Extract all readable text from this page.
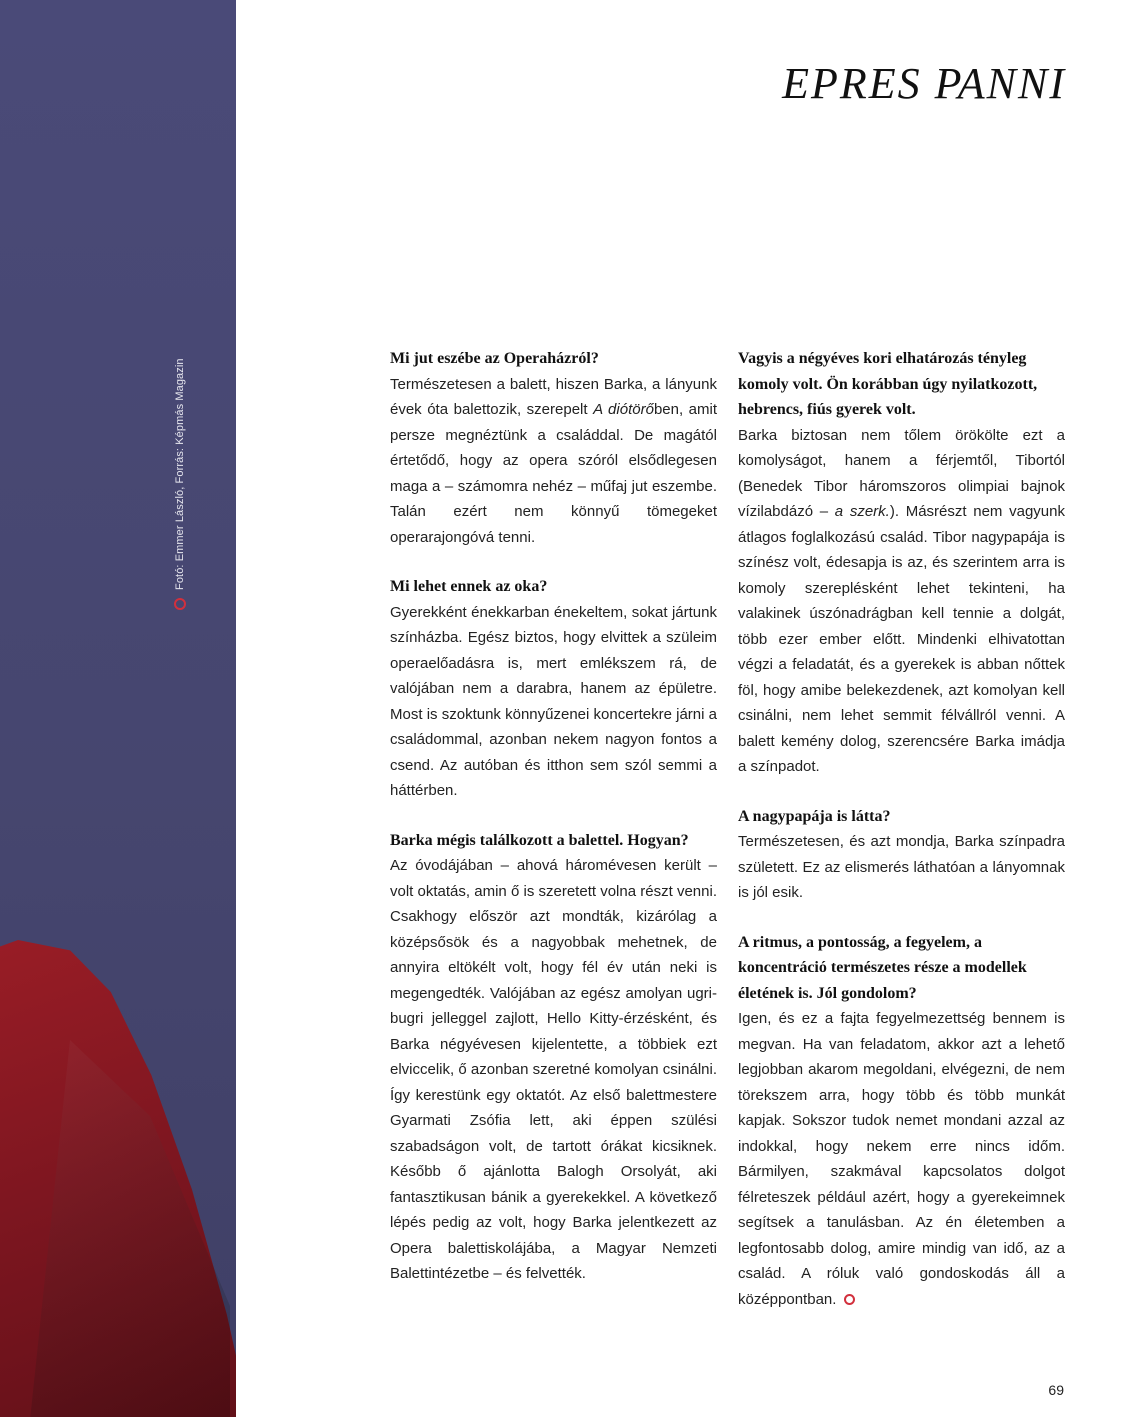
Fotó: Emmer László, Forrás: Képmás Magazin
EPRES PANNI

Mi jut eszébe az Operaházról?

Természetesen a balett, hiszen Barka, a lányunk évek óta balettozik, szerepelt A diótörőben, amit persze megnéztünk a családdal. De magától értetődő, hogy az opera szóról elsődlegesen maga a – számomra nehéz – műfaj jut eszembe. Talán ezért nem könnyű tömegeket operarajongóvá tenni.

Mi lehet ennek az oka?

Gyerekként énekkarban énekeltem, sokat jártunk színházba. Egész biztos, hogy elvittek a szüleim operaelőadásra is, mert emlékszem rá, de valójában nem a darabra, hanem az épületre. Most is szoktunk könnyűzenei koncertekre járni a családommal, azonban nekem nagyon fontos a csend. Az autóban és itthon sem szól semmi a háttérben.

Barka mégis találkozott a balettel. Hogyan?

Az óvodájában – ahová háromévesen került – volt oktatás, amin ő is szeretett volna részt venni. Csakhogy először azt mondták, kizárólag a középsősök és a nagyobbak mehetnek, de annyira eltökélt volt, hogy fél év után neki is megengedték. Valójában az egész amolyan ugri-bugri jelleggel zajlott, Hello Kitty-érzésként, és Barka négyévesen kijelentette, a többiek ezt elviccelik, ő azonban szeretné komolyan csinálni. Így kerestünk egy oktatót. Az első balettmestere Gyarmati Zsófia lett, aki éppen szülési szabadságon volt, de tartott órákat kicsiknek. Később ő ajánlotta Balogh Orsolyát, aki fantasztikusan bánik a gyerekekkel. A következő lépés pedig az volt, hogy Barka jelentkezett az Opera balettiskolájába, a Magyar Nemzeti Balettintézetbe – és felvették.

Vagyis a négyéves kori elhatározás tényleg komoly volt. Ön korábban úgy nyilatkozott, hebrencs, fiús gyerek volt.

Barka biztosan nem tőlem örökölte ezt a komolyságot, hanem a férjemtől, Tibortól (Benedek Tibor háromszoros olimpiai bajnok vízilabdázó – a szerk.). Másrészt nem vagyunk átlagos foglalkozású család. Tibor nagypapája is színész volt, édesapja is az, és szerintem arra is komoly szereplésként lehet tekinteni, ha valakinek úszónadrágban kell tennie a dolgát, több ezer ember előtt. Mindenki elhivatottan végzi a feladatát, és a gyerekek is abban nőttek föl, hogy amibe belekezdenek, azt komolyan kell csinálni, nem lehet semmit félvállról venni. A balett kemény dolog, szerencsére Barka imádja a színpadot.

A nagypapája is látta?

Természetesen, és azt mondja, Barka színpadra született. Ez az elismerés láthatóan a lányomnak is jól esik.

A ritmus, a pontosság, a fegyelem, a koncentráció természetes része a modellek életének is. Jól gondolom?

Igen, és ez a fajta fegyelmezettség bennem is megvan. Ha van feladatom, akkor azt a lehető legjobban akarom megoldani, elvégezni, de nem törekszem arra, hogy több és több munkát kapjak. Sokszor tudok nemet mondani azzal az indokkal, hogy nekem erre nincs időm. Bármilyen, szakmával kapcsolatos dolgot félreteszek például azért, hogy a gyerekeimnek segítsek a tanulásban. Az én életemben a legfontosabb dolog, amire mindig van idő, az a család. A róluk való gondoskodás áll a középpontban.

69
